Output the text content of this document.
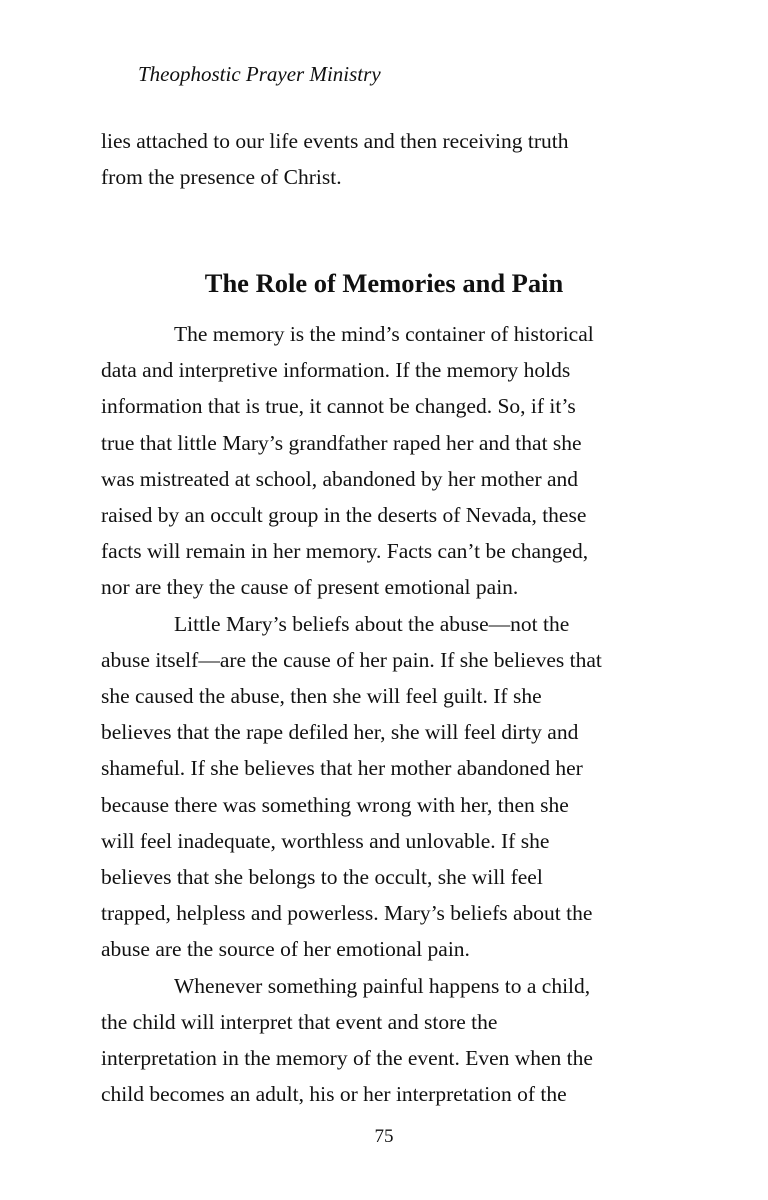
Theophostic Prayer Ministry
lies attached to our life events and then receiving truth
from the presence of Christ.
The Role of Memories and Pain
The memory is the mind’s container of historical
data and interpretive information. If the memory holds
information that is true, it cannot be changed. So, if it’s
true that little Mary’s grandfather raped her and that she
was mistreated at school, abandoned by her mother and
raised by an occult group in the deserts of Nevada, these
facts will remain in her memory. Facts can’t be changed,
nor are they the cause of present emotional pain.
Little Mary’s beliefs about the abuse—not the
abuse itself—are the cause of her pain. If she believes that
she caused the abuse, then she will feel guilt. If she
believes that the rape defiled her, she will feel dirty and
shameful. If she believes that her mother abandoned her
because there was something wrong with her, then she
will feel inadequate, worthless and unlovable. If she
believes that she belongs to the occult, she will feel
trapped, helpless and powerless. Mary’s beliefs about the
abuse are the source of her emotional pain.
Whenever something painful happens to a child,
the child will interpret that event and store the
interpretation in the memory of the event. Even when the
child becomes an adult, his or her interpretation of the
75
